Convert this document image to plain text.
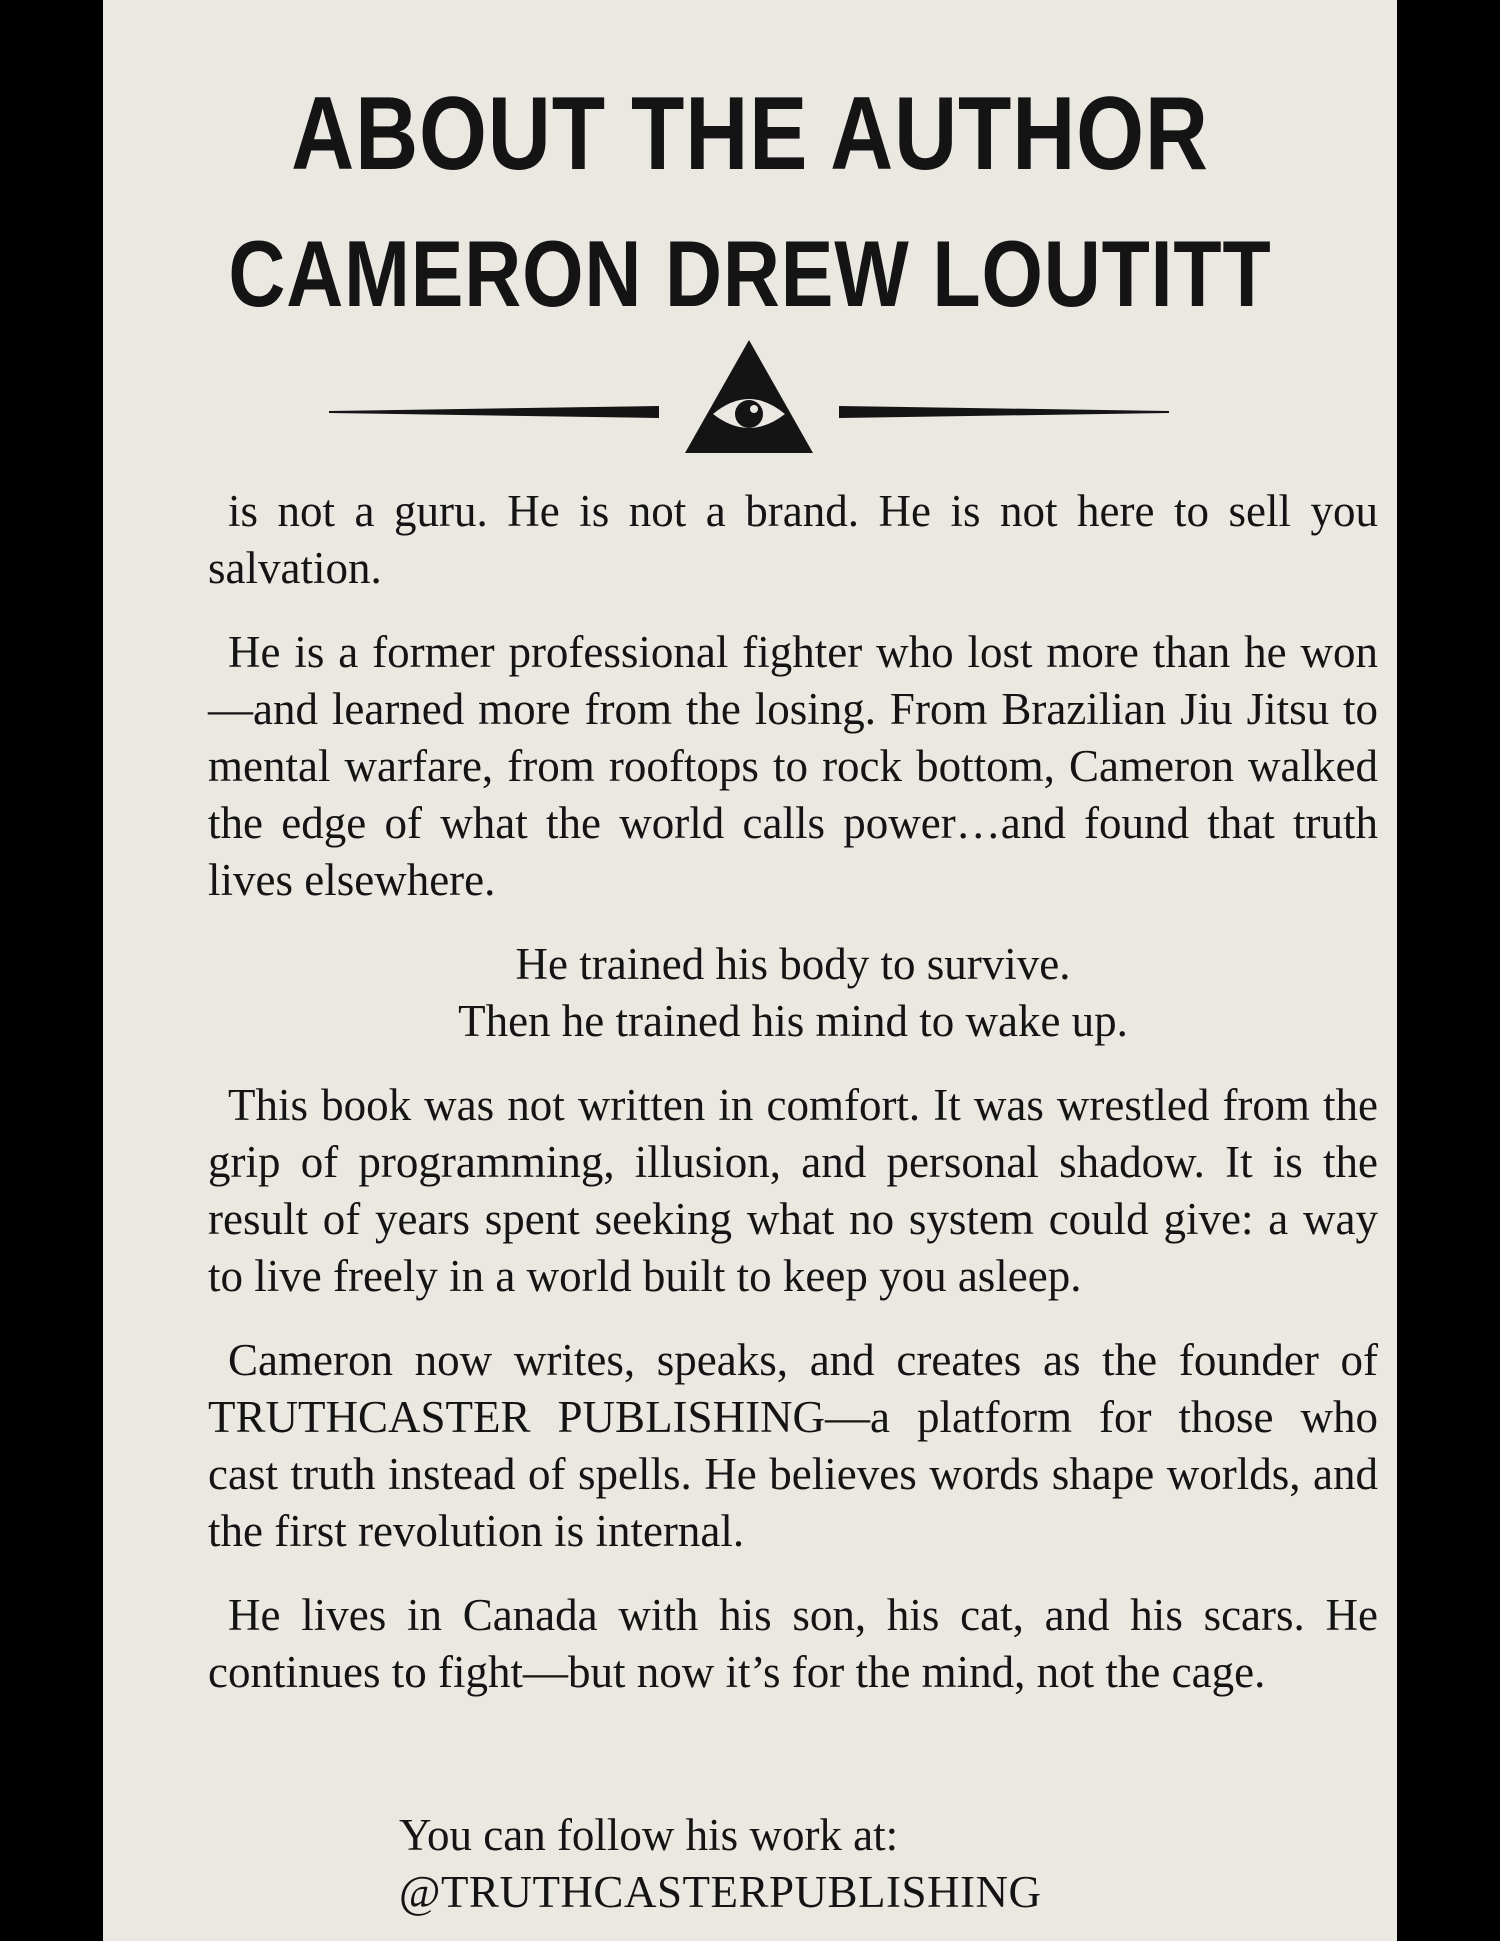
ABOUT THE AUTHOR
CAMERON DREW LOUTITT

is not a guru. He is not a brand. He is not here to sell you salvation.

He is a former professional fighter who lost more than he won—and learned more from the losing. From Brazilian Jiu Jitsu to mental warfare, from rooftops to rock bottom, Cameron walked the edge of what the world calls power…and found that truth lives elsewhere.

He trained his body to survive.
Then he trained his mind to wake up.

This book was not written in comfort. It was wrestled from the grip of programming, illusion, and personal shadow. It is the result of years spent seeking what no system could give: a way to live freely in a world built to keep you asleep.

Cameron now writes, speaks, and creates as the founder of TRUTHCASTER PUBLISHING—a platform for those who cast truth instead of spells. He believes words shape worlds, and the first revolution is internal.

He lives in Canada with his son, his cat, and his scars. He continues to fight—but now it’s for the mind, not the cage.

You can follow his work at:
@TRUTHCASTERPUBLISHING
